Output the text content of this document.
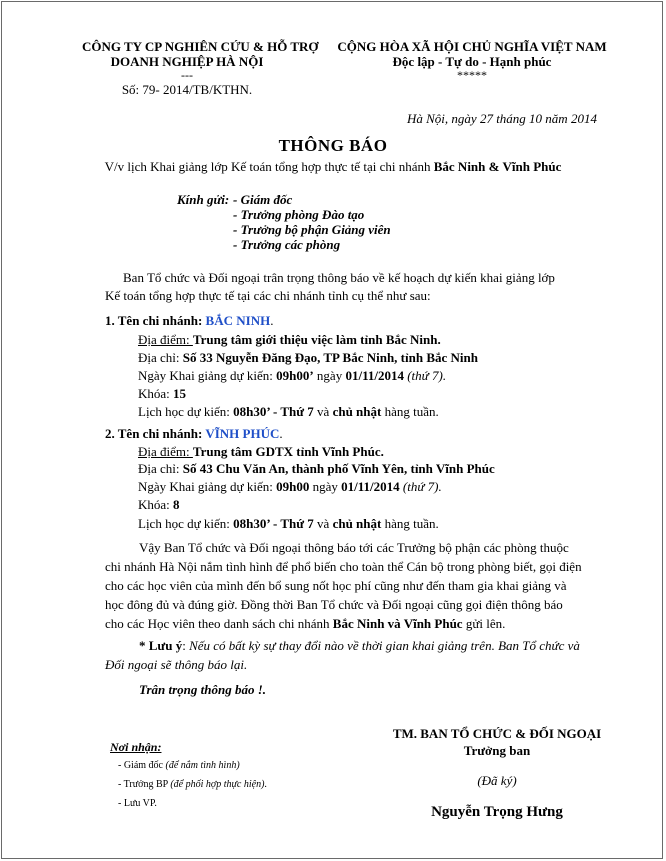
CÔNG TY CP NGHIÊN CỨU & HỖ TRỢ
DOANH NGHIỆP HÀ NỘI
---
Số: 79- 2014/TB/KTHN.
CỘNG HÒA XÃ HỘI CHỦ NGHĨA VIỆT NAM
Độc lập - Tự do - Hạnh phúc
*****
Hà Nội, ngày 27 tháng 10 năm 2014
THÔNG BÁO
V/v lịch Khai giảng lớp Kế toán tổng hợp thực tế tại chi nhánh Bắc Ninh & Vĩnh Phúc
Kính gửi: - Giám đốc
- Trưởng phòng Đào tạo
- Trưởng bộ phận Giảng viên
- Trưởng các phòng
Ban Tổ chức và Đối ngoại trân trọng thông báo về kế hoạch dự kiến khai giảng lớp
Kế toán tổng hợp thực tế tại các chi nhánh tỉnh cụ thể như sau:
1. Tên chi nhánh: BẮC NINH.
Địa điểm: Trung tâm giới thiệu việc làm tỉnh Bắc Ninh.
Địa chỉ: Số 33 Nguyễn Đăng Đạo, TP Bắc Ninh, tỉnh Bắc Ninh
Ngày Khai giảng dự kiến: 09h00’ ngày 01/11/2014 (thứ 7).
Khóa: 15
Lịch học dự kiến: 08h30’ - Thứ 7 và chủ nhật hàng tuần.
2. Tên chi nhánh: VĨNH PHÚC.
Địa điểm: Trung tâm GDTX tỉnh Vĩnh Phúc.
Địa chỉ: Số 43 Chu Văn An, thành phố Vĩnh Yên, tỉnh Vĩnh Phúc
Ngày Khai giảng dự kiến: 09h00 ngày 01/11/2014 (thứ 7).
Khóa: 8
Lịch học dự kiến: 08h30’ - Thứ 7 và chủ nhật hàng tuần.
Vậy Ban Tổ chức và Đối ngoại thông báo tới các Trưởng bộ phận các phòng thuộc
chi nhánh Hà Nội nắm tình hình để phổ biến cho toàn thể Cán bộ trong phòng biết, gọi điện
cho các học viên của mình đến bổ sung nốt học phí cũng như đến tham gia khai giảng và
học đông đủ và đúng giờ. Đồng thời Ban Tổ chức và Đối ngoại cũng gọi điện thông báo
cho các Học viên theo danh sách chi nhánh Bắc Ninh và Vĩnh Phúc gửi lên.
* Lưu ý: Nếu có bất kỳ sự thay đổi nào về thời gian khai giảng trên. Ban Tổ chức và
Đối ngoại sẽ thông báo lại.
Trân trọng thông báo !.
Nơi nhận:
- Giám đốc (để nắm tình hình)
- Trưởng BP (để phối hợp thực hiện).
- Lưu VP.
TM. BAN TỔ CHỨC & ĐỐI NGOẠI
Trưởng ban
(Đã ký)
Nguyễn Trọng Hưng
